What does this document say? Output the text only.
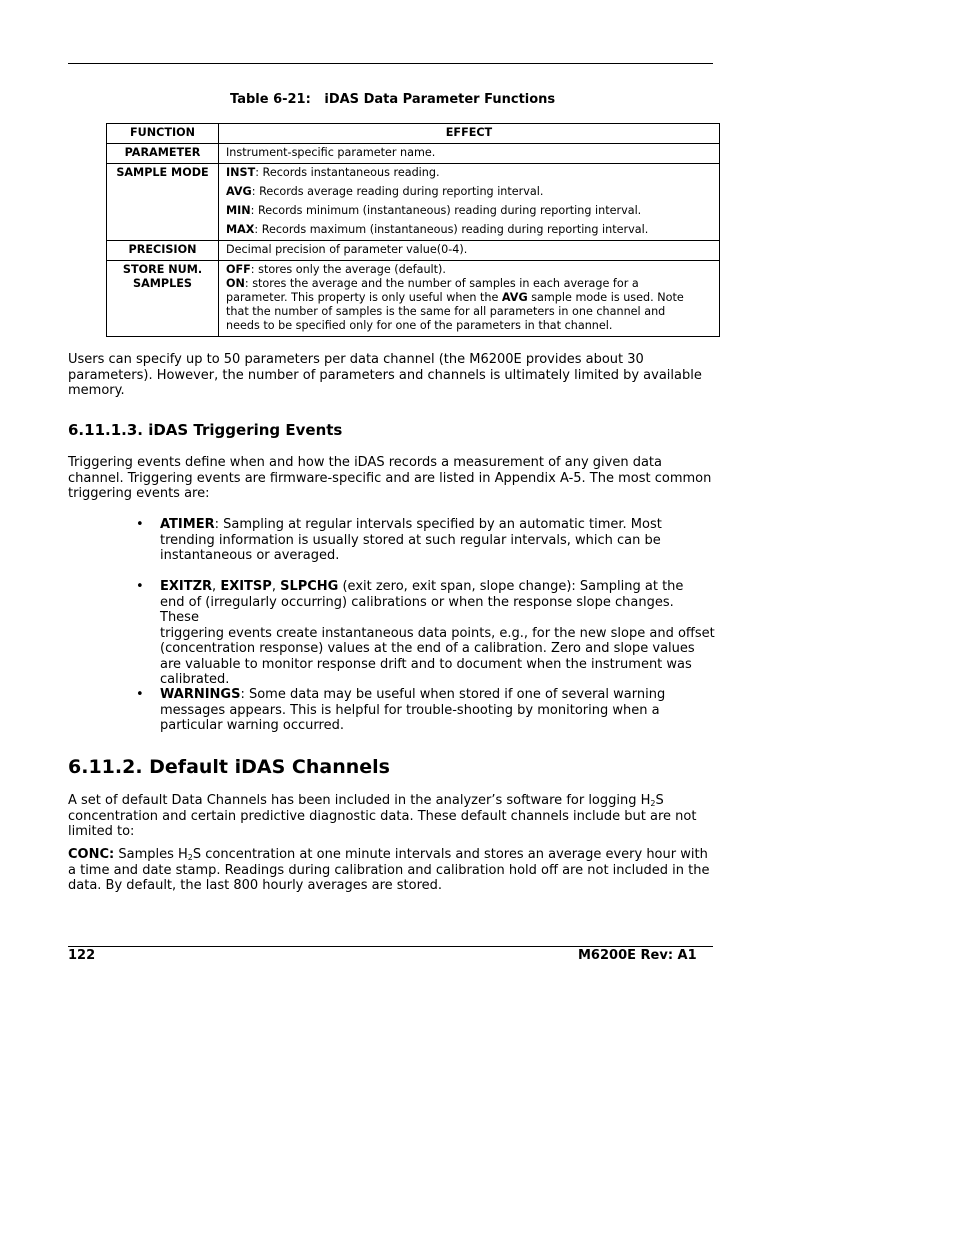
Table 6-21:   iDAS Data Parameter Functions
FUNCTION	EFFECT
PARAMETER	Instrument-specific parameter name.
SAMPLE MODE	INST: Records instantaneous reading.
AVG: Records average reading during reporting interval.
MIN: Records minimum (instantaneous) reading during reporting interval.
MAX: Records maximum (instantaneous) reading during reporting interval.

PRECISION	Decimal precision of parameter value(0-4).

STORE NUM.
SAMPLES	OFF: stores only the average (default).
ON: stores the average and the number of samples in each average for a
parameter. This property is only useful when the AVG sample mode is used. Note
that the number of samples is the same for all parameters in one channel and
needs to be specified only for one of the parameters in that channel.
Users can specify up to 50 parameters per data channel (the M6200E provides about 30
parameters). However, the number of parameters and channels is ultimately limited by available
memory.
6.11.1.3. iDAS Triggering Events
Triggering events define when and how the iDAS records a measurement of any given data
channel. Triggering events are firmware-specific and are listed in Appendix A-5. The most common
triggering events are:
• ATIMER: Sampling at regular intervals specified by an automatic timer. Most
trending information is usually stored at such regular intervals, which can be
instantaneous or averaged.
• EXITZR, EXITSP, SLPCHG (exit zero, exit span, slope change): Sampling at the
end of (irregularly occurring) calibrations or when the response slope changes. These
triggering events create instantaneous data points, e.g., for the new slope and offset
(concentration response) values at the end of a calibration. Zero and slope values
are valuable to monitor response drift and to document when the instrument was
calibrated.
• WARNINGS: Some data may be useful when stored if one of several warning
messages appears. This is helpful for trouble-shooting by monitoring when a
particular warning occurred.
6.11.2. Default iDAS Channels
A set of default Data Channels has been included in the analyzer’s software for logging $H_2S$
concentration and certain predictive diagnostic data. These default channels include but are not
limited to:
CONC: Samples $H_2S$ concentration at one minute intervals and stores an average every hour with
a time and date stamp. Readings during calibration and calibration hold off are not included in the
data. By default, the last 800 hourly averages are stored.
122	M6200E Rev: A1
